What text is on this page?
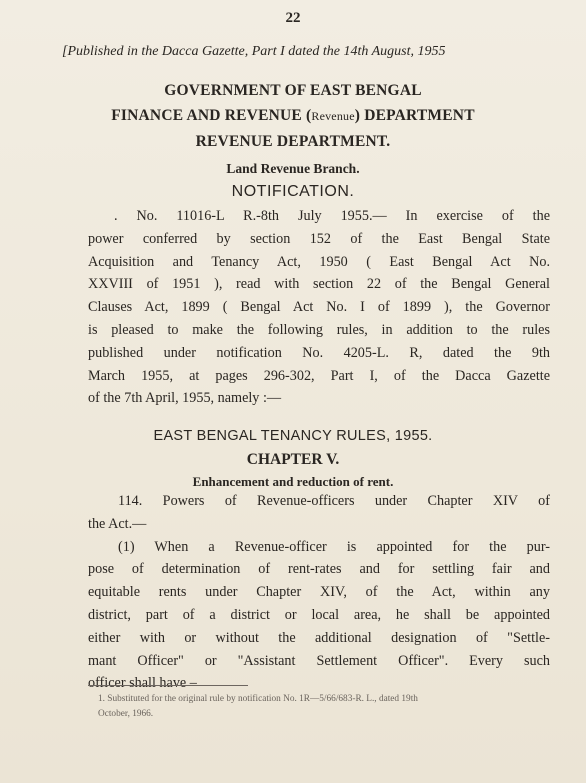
22
[Published in the Dacca Gazette, Part I dated the 14th August, 1955
GOVERNMENT OF EAST BENGAL
FINANCE AND REVENUE (Revenue) DEPARTMENT
REVENUE DEPARTMENT.
Land Revenue Branch.
NOTIFICATION.
. No. 11016-L R.-8th July 1955.— In exercise of the
power conferred by section 152 of the East Bengal State
Acquisition and Tenancy Act, 1950 ( East Bengal Act No.
XXVIII of 1951 ), read with section 22 of the Bengal General
Clauses Act, 1899 ( Bengal Act No. I of 1899 ), the Governor
is pleased to make the following rules, in addition to the rules
published under notification No. 4205-L. R, dated the 9th
March 1955, at pages 296-302, Part I, of the Dacca Gazette
of the 7th April, 1955, namely :—
EAST BENGAL TENANCY RULES, 1955.
CHAPTER V.
Enhancement and reduction of rent.
114. Powers of Revenue-officers under Chapter XIV of
the Act.—
(1) When a Revenue-officer is appointed for the pur-
pose of determination of rent-rates and for settling fair and
equitable rents under Chapter XIV, of the Act, within any
district, part of a district or local area, he shall be appointed
either with or without the additional designation of "Settle-
mant Officer" or "Assistant Settlement Officer". Every such
officer shall have –
1. Substituted for the original rule by notification No. 1R—5/66/683-R. L., dated 19th
October, 1966.
